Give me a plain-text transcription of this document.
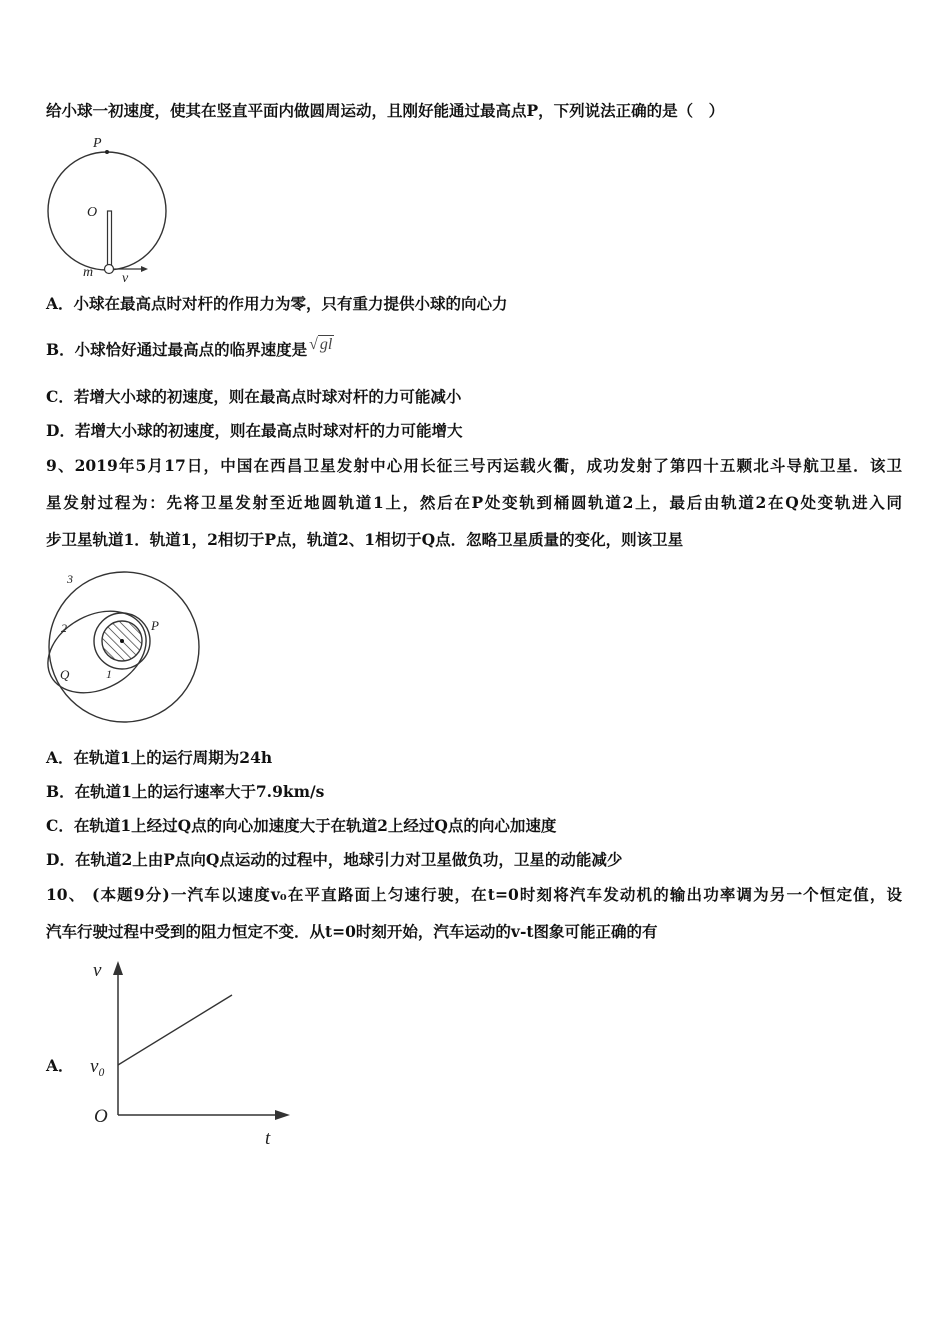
给小球一初速度，使其在竖直平面内做圆周运动，且刚好能通过最高点P，下列说法正确的是（　）
P
O
m v
A．小球在最高点时对杆的作用力为零，只有重力提供小球的向心力
B．小球恰好通过最高点的临界速度是 √ gl
C．若增大小球的初速度，则在最高点时球对杆的力可能减小
D．若增大小球的初速度，则在最高点时球对杆的力可能增大
9、2019年5月17日，中国在西昌卫星发射中心用长征三号丙运载火衢，成功发射了第四十五颗北斗导航卫星．该卫
星发射过程为：先将卫星发射至近地圆轨道1上，然后在P处变轨到桶圆轨道2上，最后由轨道2在Q处变轨进入同
步卫星轨道1．轨道1，2相切于P点，轨道2、1相切于Q点．忽略卫星质量的变化，则该卫星
3
2
1
P
Q
A．在轨道1上的运行周期为24h
B．在轨道1上的运行速率大于7.9km/s
C．在轨道1上经过Q点的向心加速度大于在轨道2上经过Q点的向心加速度
D．在轨道2上由P点向Q点运动的过程中，地球引力对卫星做负功，卫星的动能减少
10、 (本题9分)一汽车以速度v₀在平直路面上匀速行驶，在t=0时刻将汽车发动机的输出功率调为另一个恒定值，设
汽车行驶过程中受到的阻力恒定不变．从t=0时刻开始，汽车运动的v-t图象可能正确的有
A．
v
t
O
v₀
